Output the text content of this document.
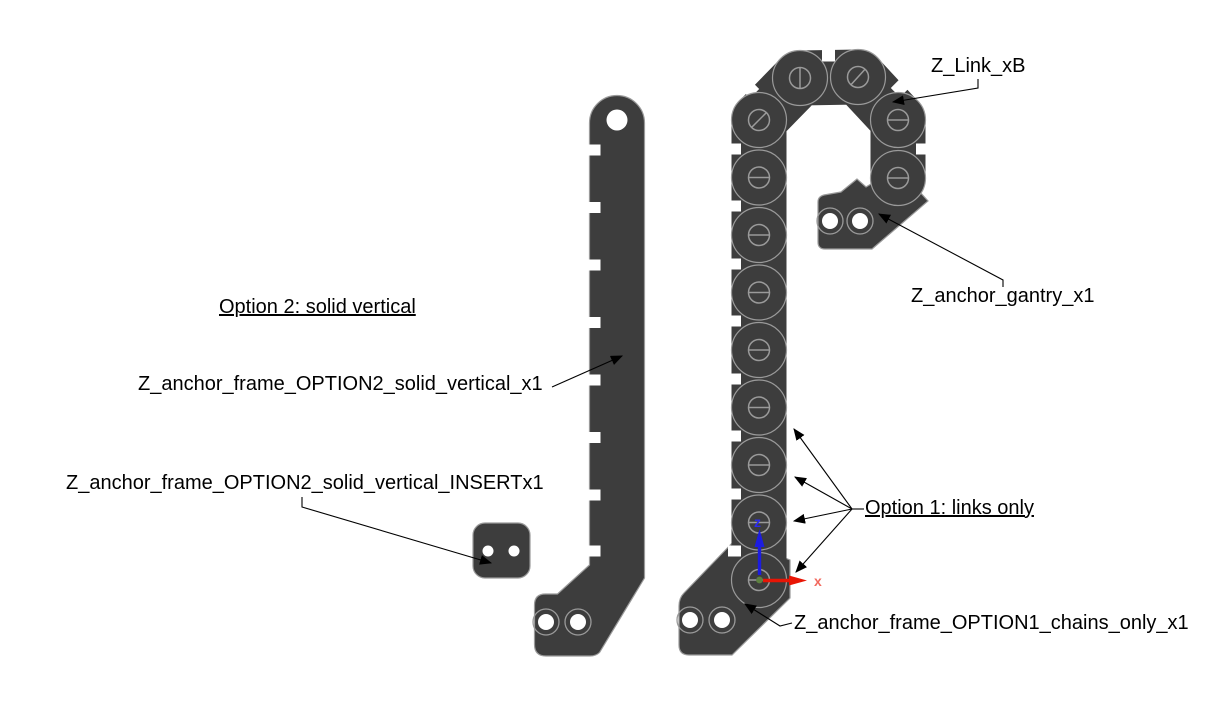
z
x
Z_Link_xB
Z_anchor_gantry_x1
Option 2: solid vertical
Z_anchor_frame_OPTION2_solid_vertical_x1
Z_anchor_frame_OPTION2_solid_vertical_INSERTx1
Option 1: links only
Z_anchor_frame_OPTION1_chains_only_x1
